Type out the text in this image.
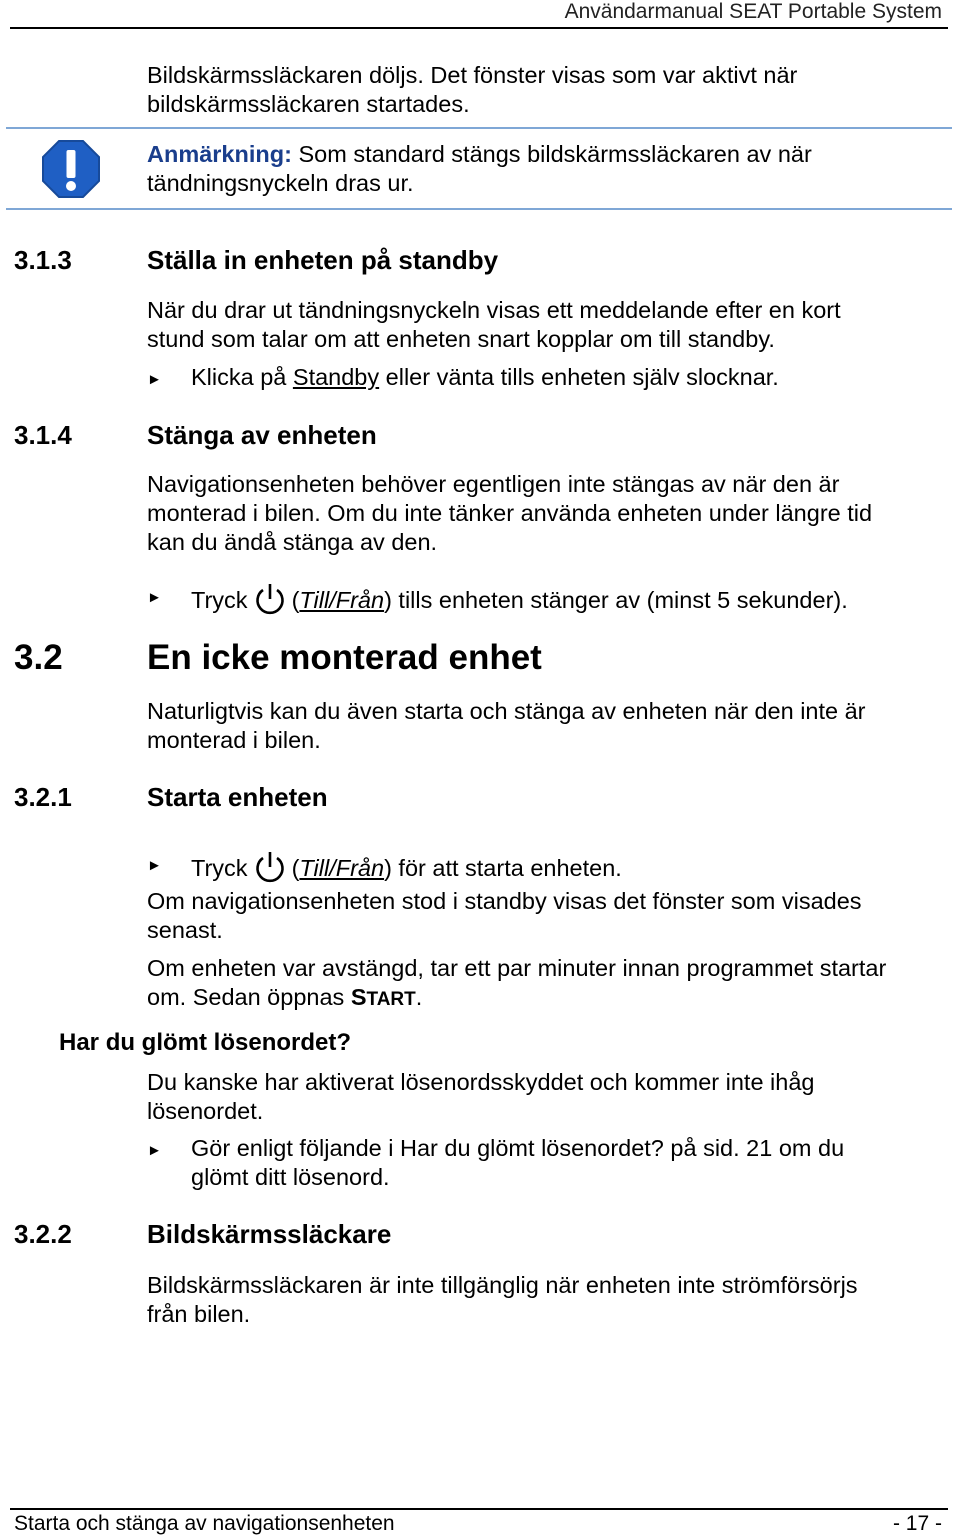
Användarmanual SEAT Portable System
Bildskärmssläckaren döljs. Det fönster visas som var aktivt när
bildskärmssläckaren startades.
Anmärkning: Som standard stängs bildskärmssläckaren av när
tändningsnyckeln dras ur.
3.1.3	Ställa in enheten på standby
När du drar ut tändningsnyckeln visas ett meddelande efter en kort
stund som talar om att enheten snart kopplar om till standby.
► Klicka på Standby eller vänta tills enheten själv slocknar.
3.1.4	Stänga av enheten
Navigationsenheten behöver egentligen inte stängas av när den är
monterad i bilen. Om du inte tänker använda enheten under längre tid
kan du ändå stänga av den.
► Tryck (Till/Från) tills enheten stänger av (minst 5 sekunder).
3.2 En icke monterad enhet
Naturligtvis kan du även starta och stänga av enheten när den inte är
monterad i bilen.
3.2.1	Starta enheten
► Tryck (Till/Från) för att starta enheten.
Om navigationsenheten stod i standby visas det fönster som visades
senast.
Om enheten var avstängd, tar ett par minuter innan programmet startar
om. Sedan öppnas START.
Har du glömt lösenordet?
Du kanske har aktiverat lösenordsskyddet och kommer inte ihåg
lösenordet.
► Gör enligt följande i Har du glömt lösenordet? på sid. 21 om du
glömt ditt lösenord.
3.2.2	Bildskärmssläckare
Bildskärmssläckaren är inte tillgänglig när enheten inte strömförsörjs
från bilen.
Starta och stänga av navigationsenheten	- 17 -
